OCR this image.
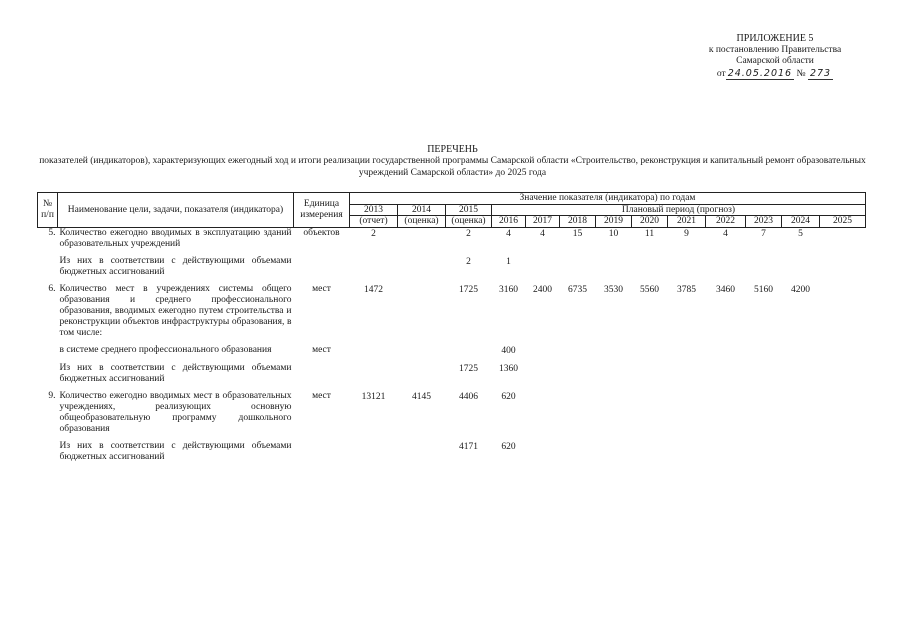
ПРИЛОЖЕНИЕ 5
к постановлению Правительства
Самарской области
от 24.05.2016 № 273
ПЕРЕЧЕНЬ
показателей (индикаторов), характеризующих ежегодный ход и итоги реализации государственной программы Самарской области «Строительство, реконструкция и капитальный ремонт образовательных учреждений Самарской области» до 2025 года
№ п/п	Наименование цели, задачи, показателя (индикатора)	Единица измерения	Значение показателя (индикатора) по годам												
			2013	2014	2015	Плановый период (прогноз)									
			(отчет)	(оценка)	(оценка)	2016	2017	2018	2019	2020	2021	2022	2023	2024	2025
5.	Количество ежегодно вводимых в эксплуатацию зданий образовательных учреждений	объектов	2		2	4	4	15	10	11	9	4	7	5	

	Из них в соответствии с действующими объемами бюджетных ассигнований				2	1									

6.	Количество мест в учреждениях системы общего образования и среднего профессионального образования, вводимых ежегодно путем строительства и реконструкции объектов инфраструктуры образования, в том числе:	мест	1472		1725	3160	2400	6735	3530	5560	3785	3460	5160	4200	

	в системе среднего профессионального образования	мест				400									

	Из них в соответствии с действующими объемами бюджетных ассигнований				1725	1360									

9.	Количество ежегодно вводимых мест в образовательных учреждениях, реализующих основную общеобразовательную программу дошкольного образования	мест	13121	4145	4406	620									

	Из них в соответствии с действующими объемами бюджетных ассигнований				4171	620									
